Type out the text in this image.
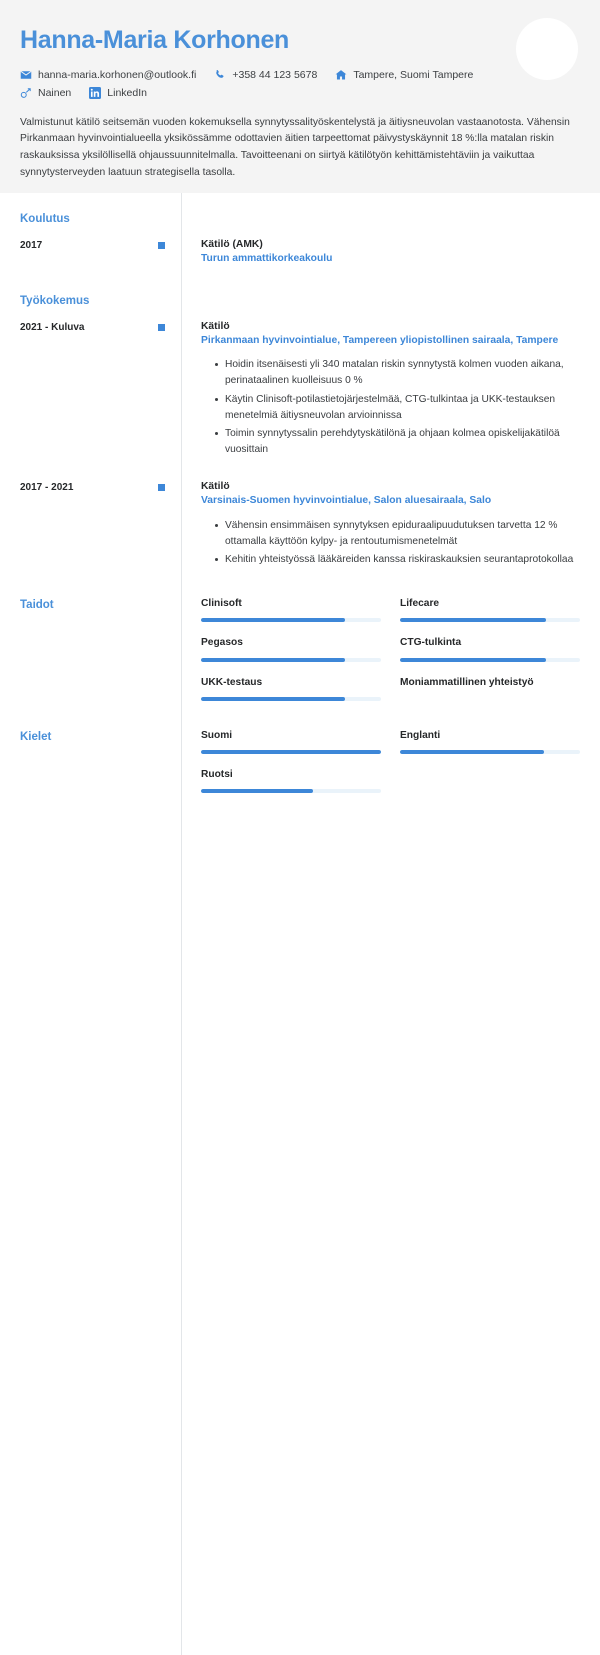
Hanna-Maria Korhonen
hanna-maria.korhonen@outlook.fi	+358 44 123 5678	Tampere, Suomi Tampere
Nainen	LinkedIn

Valmistunut kätilö seitsemän vuoden kokemuksella synnytyssalityöskentelystä ja äitiysneuvolan vastaanotosta. Vähensin Pirkanmaan hyvinvointialueella yksikössämme odottavien äitien tarpeettomat päivystyskäynnit 18 %:lla matalan riskin raskauksissa yksilöllisellä ohjaussuunnitelmalla. Tavoitteenani on siirtyä kätilötyön kehittämistehtäviin ja vaikuttaa synnytysterveyden laatuun strategisella tasolla.

Koulutus
2017	Kätilö (AMK)
Turun ammattikorkeakoulu
Työkokemus
2021 - Kuluva	Kätilö
Pirkanmaan hyvinvointialue, Tampereen yliopistollinen sairaala, Tampere
Hoidin itsenäisesti yli 340 matalan riskin synnytystä kolmen vuoden aikana, perinataalinen kuolleisuus 0 %
Käytin Clinisoft-potilastietojärjestelmää, CTG-tulkintaa ja UKK-testauksen menetelmiä äitiysneuvolan arvioinnissa
Toimin synnytyssalin perehdytyskätilönä ja ohjaan kolmea opiskelijakätilöä vuosittain
2017 - 2021	Kätilö
Varsinais-Suomen hyvinvointialue, Salon aluesairaala, Salo
Vähensin ensimmäisen synnytyksen epiduraalipuudutuksen tarvetta 12 % ottamalla käyttöön kylpy- ja rentoutumismenetelmät
Kehitin yhteistyössä lääkäreiden kanssa riskiraskauksien seurantaprotokollaa
Taidot	Clinisoft	Lifecare
Pegasos	CTG-tulkinta
UKK-testaus	Moniammatillinen yhteistyö
Kielet	Suomi	Englanti
Ruotsi
